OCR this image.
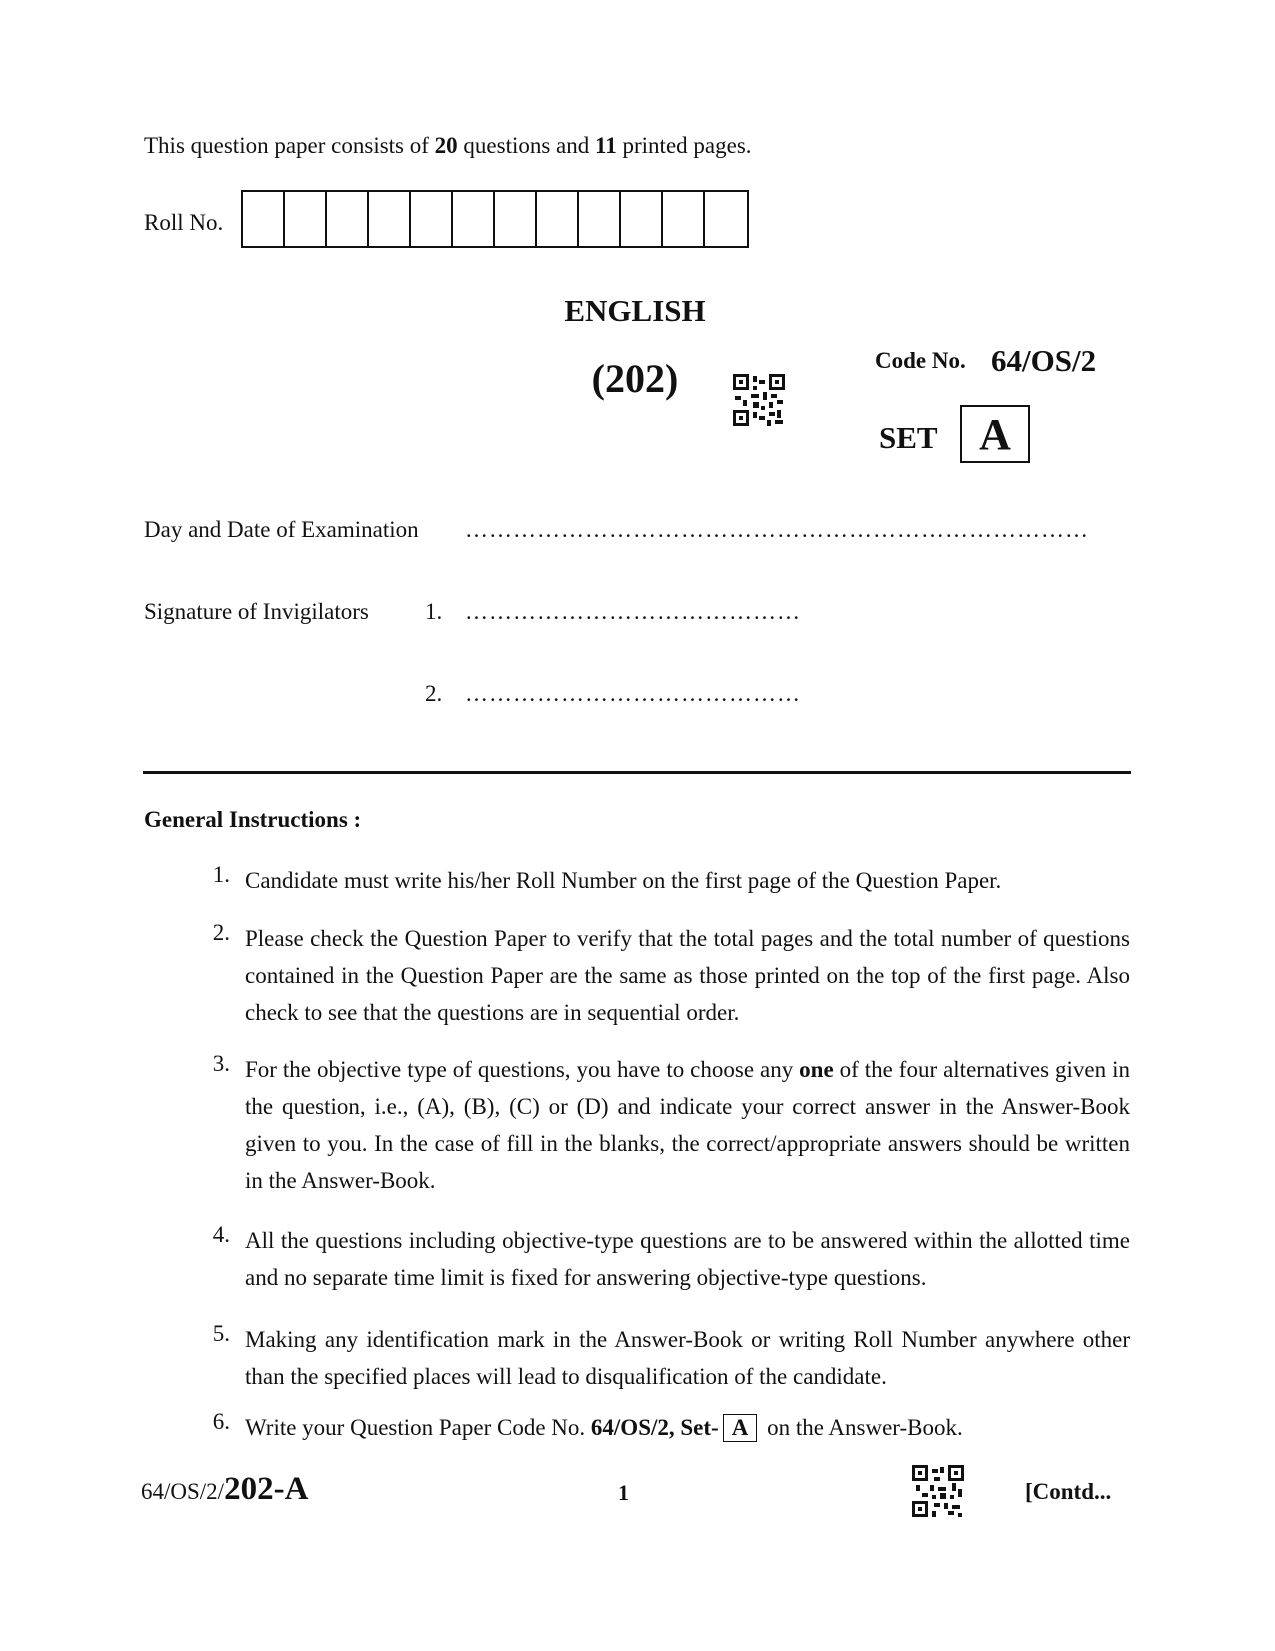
This question paper consists of 20 questions and 11 printed pages.
Roll No.
ENGLISH
(202)	Code No. 64/OS/2
SET A
Day and Date of Examination ……………………………………………………………………
Signature of Invigilators 1. ……………………………………
2. ……………………………………
General Instructions :
1. Candidate must write his/her Roll Number on the first page of the Question Paper.
2. Please check the Question Paper to verify that the total pages and the total number of questions contained in the Question Paper are the same as those printed on the top of the first page. Also check to see that the questions are in sequential order.
3. For the objective type of questions, you have to choose any one of the four alternatives given in the question, i.e., (A), (B), (C) or (D) and indicate your correct answer in the Answer-Book given to you. In the case of fill in the blanks, the correct/appropriate answers should be written in the Answer-Book.
4. All the questions including objective-type questions are to be answered within the allotted time and no separate time limit is fixed for answering objective-type questions.
5. Making any identification mark in the Answer-Book or writing Roll Number anywhere other than the specified places will lead to disqualification of the candidate.
6. Write your Question Paper Code No. 64/OS/2, Set- A on the Answer-Book.
64/OS/2/202-A	1	[Contd...
